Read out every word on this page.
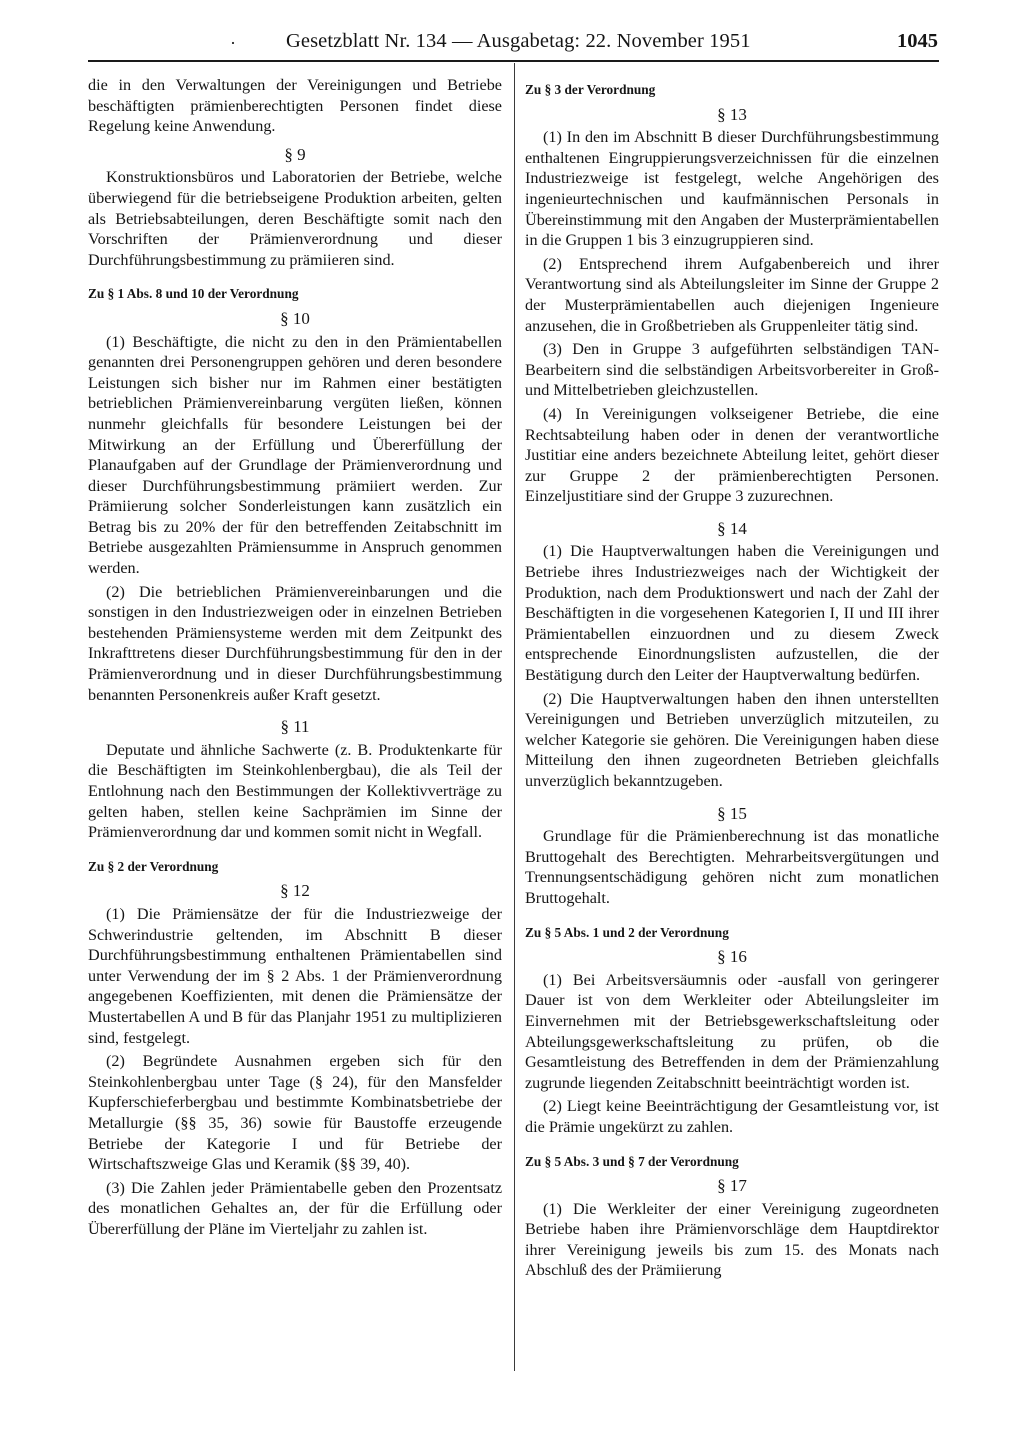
· Gesetzblatt Nr. 134 — Ausgabetag: 22. November 1951	1045

die in den Verwaltungen der Vereinigungen und Betriebe beschäftigten prämienberechtigten Personen findet diese Regelung keine Anwendung.

§ 9

Konstruktionsbüros und Laboratorien der Betriebe, welche überwiegend für die betriebseigene Produktion arbeiten, gelten als Betriebsabteilungen, deren Beschäftigte somit nach den Vorschriften der Prämienverordnung und dieser Durchführungsbestimmung zu prämiieren sind.

Zu § 1 Abs. 8 und 10 der Verordnung
§ 10

(1) Beschäftigte, die nicht zu den in den Prämientabellen genannten drei Personengruppen gehören und deren besondere Leistungen sich bisher nur im Rahmen einer bestätigten betrieblichen Prämienvereinbarung vergüten ließen, können nunmehr gleichfalls für besondere Leistungen bei der Mitwirkung an der Erfüllung und Übererfüllung der Planaufgaben auf der Grundlage der Prämienverordnung und dieser Durchführungsbestimmung prämiiert werden. Zur Prämiierung solcher Sonderleistungen kann zusätzlich ein Betrag bis zu 20% der für den betreffenden Zeitabschnitt im Betriebe ausgezahlten Prämiensumme in Anspruch genommen werden.

(2) Die betrieblichen Prämienvereinbarungen und die sonstigen in den Industriezweigen oder in einzelnen Betrieben bestehenden Prämiensysteme werden mit dem Zeitpunkt des Inkrafttretens dieser Durchführungsbestimmung für den in der Prämienverordnung und in dieser Durchführungsbestimmung benannten Personenkreis außer Kraft gesetzt.

§ 11

Deputate und ähnliche Sachwerte (z. B. Produktenkarte für die Beschäftigten im Steinkohlenbergbau), die als Teil der Entlohnung nach den Bestimmungen der Kollektivverträge zu gelten haben, stellen keine Sachprämien im Sinne der Prämienverordnung dar und kommen somit nicht in Wegfall.

Zu § 2 der Verordnung
§ 12

(1) Die Prämiensätze der für die Industriezweige der Schwerindustrie geltenden, im Abschnitt B dieser Durchführungsbestimmung enthaltenen Prämientabellen sind unter Verwendung der im § 2 Abs. 1 der Prämienverordnung angegebenen Koeffizienten, mit denen die Prämiensätze der Mustertabellen A und B für das Planjahr 1951 zu multiplizieren sind, festgelegt.

(2) Begründete Ausnahmen ergeben sich für den Steinkohlenbergbau unter Tage (§ 24), für den Mansfelder Kupferschieferbergbau und bestimmte Kombinatsbetriebe der Metallurgie (§§ 35, 36) sowie für Baustoffe erzeugende Betriebe der Kategorie I und für Betriebe der Wirtschaftszweige Glas und Keramik (§§ 39, 40).

(3) Die Zahlen jeder Prämientabelle geben den Prozentsatz des monatlichen Gehaltes an, der für die Erfüllung oder Übererfüllung der Pläne im Vierteljahr zu zahlen ist.

Zu § 3 der Verordnung
§ 13

(1) In den im Abschnitt B dieser Durchführungsbestimmung enthaltenen Eingruppierungsverzeichnissen für die einzelnen Industriezweige ist festgelegt, welche Angehörigen des ingenieurtechnischen und kaufmännischen Personals in Übereinstimmung mit den Angaben der Musterprämientabellen in die Gruppen 1 bis 3 einzugruppieren sind.

(2) Entsprechend ihrem Aufgabenbereich und ihrer Verantwortung sind als Abteilungsleiter im Sinne der Gruppe 2 der Musterprämientabellen auch diejenigen Ingenieure anzusehen, die in Großbetrieben als Gruppenleiter tätig sind.

(3) Den in Gruppe 3 aufgeführten selbständigen TAN-Bearbeitern sind die selbständigen Arbeitsvorbereiter in Groß- und Mittelbetrieben gleichzustellen.

(4) In Vereinigungen volkseigener Betriebe, die eine Rechtsabteilung haben oder in denen der verantwortliche Justitiar eine anders bezeichnete Abteilung leitet, gehört dieser zur Gruppe 2 der prämienberechtigten Personen. Einzeljustitiare sind der Gruppe 3 zuzurechnen.

§ 14

(1) Die Hauptverwaltungen haben die Vereinigungen und Betriebe ihres Industriezweiges nach der Wichtigkeit der Produktion, nach dem Produktionswert und nach der Zahl der Beschäftigten in die vorgesehenen Kategorien I, II und III ihrer Prämientabellen einzuordnen und zu diesem Zweck entsprechende Einordnungslisten aufzustellen, die der Bestätigung durch den Leiter der Hauptverwaltung bedürfen.

(2) Die Hauptverwaltungen haben den ihnen unterstellten Vereinigungen und Betrieben unverzüglich mitzuteilen, zu welcher Kategorie sie gehören. Die Vereinigungen haben diese Mitteilung den ihnen zugeordneten Betrieben gleichfalls unverzüglich bekanntzugeben.

§ 15

Grundlage für die Prämienberechnung ist das monatliche Bruttogehalt des Berechtigten. Mehrarbeitsvergütungen und Trennungsentschädigung gehören nicht zum monatlichen Bruttogehalt.

Zu § 5 Abs. 1 und 2 der Verordnung
§ 16

(1) Bei Arbeitsversäumnis oder -ausfall von geringerer Dauer ist von dem Werkleiter oder Abteilungsleiter im Einvernehmen mit der Betriebsgewerkschaftsleitung oder Abteilungsgewerkschaftsleitung zu prüfen, ob die Gesamtleistung des Betreffenden in dem der Prämienzahlung zugrunde liegenden Zeitabschnitt beeinträchtigt worden ist.

(2) Liegt keine Beeinträchtigung der Gesamtleistung vor, ist die Prämie ungekürzt zu zahlen.

Zu § 5 Abs. 3 und § 7 der Verordnung
§ 17

(1) Die Werkleiter der einer Vereinigung zugeordneten Betriebe haben ihre Prämienvorschläge dem Hauptdirektor ihrer Vereinigung jeweils bis zum 15. des Monats nach Abschluß des der Prämiierung
